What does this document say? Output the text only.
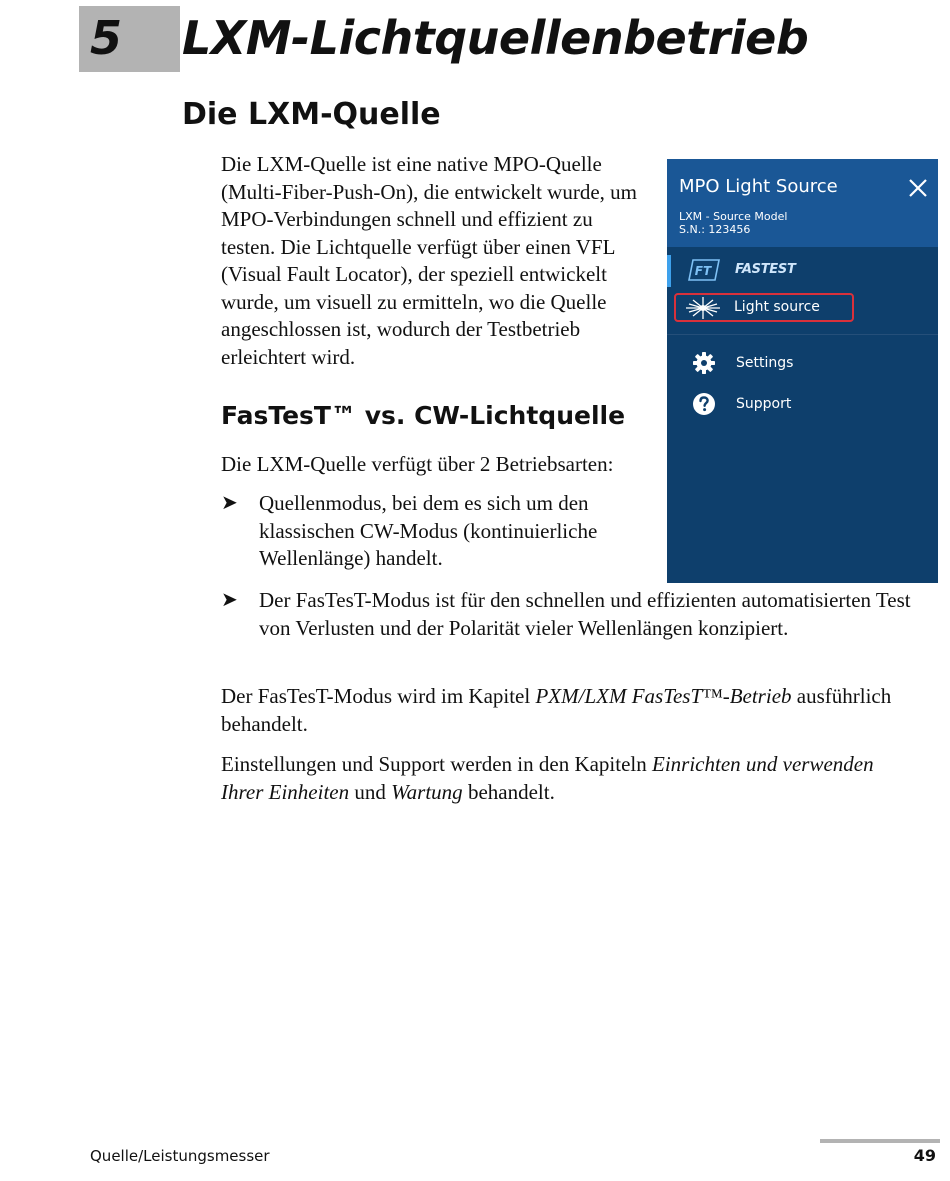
5 LXM-Lichtquellenbetrieb
Die LXM-Quelle

Die LXM-Quelle ist eine native MPO-Quelle (Multi-Fiber-Push-On), die entwickelt wurde, um MPO-Verbindungen schnell und effizient zu testen. Die Lichtquelle verfügt über einen VFL (Visual Fault Locator), der speziell entwickelt wurde, um visuell zu ermitteln, wo die Quelle angeschlossen ist, wodurch der Testbetrieb erleichtert wird.

FasTesT™ vs. CW-Lichtquelle

Die LXM-Quelle verfügt über 2 Betriebsarten:

➤	Quellenmodus, bei dem es sich um den klassischen CW-Modus (kontinuierliche Wellenlänge) handelt.
➤	Der FasTesT-Modus ist für den schnellen und effizienten automatisierten Test von Verlusten und der Polarität vieler Wellenlängen konzipiert.

Der FasTesT-Modus wird im Kapitel PXM/LXM FasTesT™-Betrieb ausführlich behandelt.

Einstellungen und Support werden in den Kapiteln Einrichten und verwenden Ihrer Einheiten und Wartung behandelt.

MPO Light Source
LXM - Source Model
S.N.: 123456
FT FASTEST
Light source
Settings
Support
Quelle/Leistungsmesser	49
